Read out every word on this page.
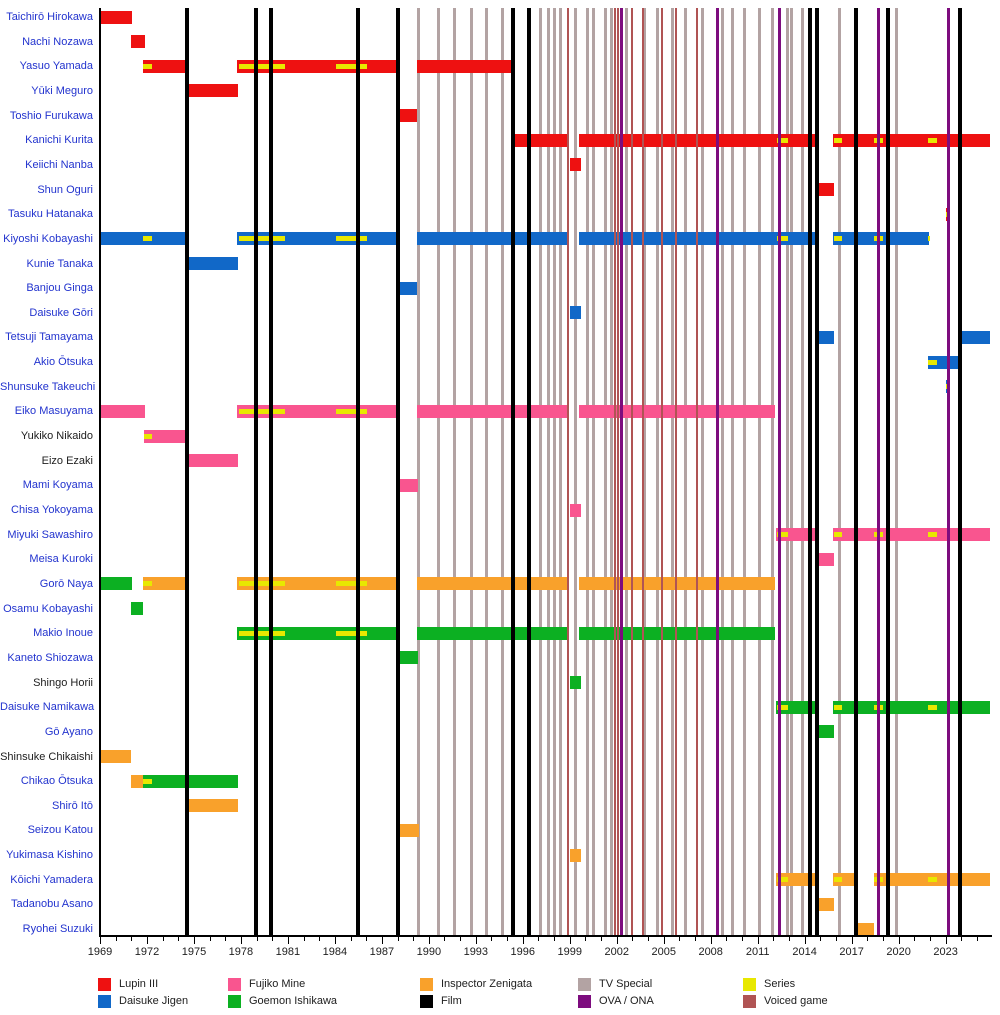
Taichirō Hirokawa
Nachi Nozawa
Yasuo Yamada
Yūki Meguro
Toshio Furukawa
Kanichi Kurita
Keiichi Nanba
Shun Oguri
Tasuku Hatanaka
Kiyoshi Kobayashi
Kunie Tanaka
Banjou Ginga
Daisuke Gōri
Tetsuji Tamayama
Akio Ōtsuka
Shunsuke Takeuchi
Eiko Masuyama
Yukiko Nikaido
Eizo Ezaki
Mami Koyama
Chisa Yokoyama
Miyuki Sawashiro
Meisa Kuroki
Gorō Naya
Osamu Kobayashi
Makio Inoue
Kaneto Shiozawa
Shingo Horii
Daisuke Namikawa
Gō Ayano
Shinsuke Chikaishi
Chikao Ōtsuka
Shirō Itō
Seizou Katou
Yukimasa Kishino
Kōichi Yamadera
Tadanobu Asano
Ryohei Suzuki
1969 1972 1975 1978 1981 1984 1987 1990 1993 1996 1999 2002 2005 2008 2011 2014 2017 2020 2023
Lupin III
Daisuke Jigen
Fujiko Mine
Goemon Ishikawa
Inspector Zenigata
Film
TV Special
OVA / ONA
Series
Voiced game
